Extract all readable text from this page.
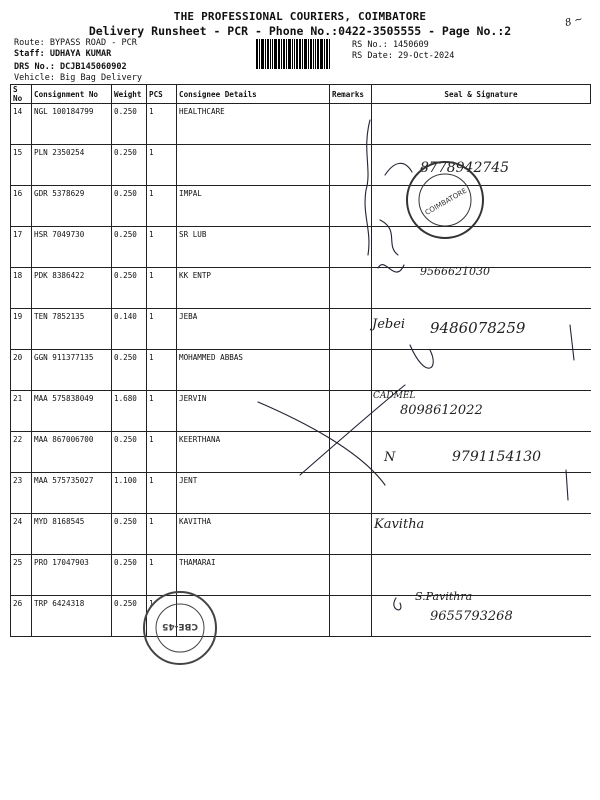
THE PROFESSIONAL COURIERS, COIMBATORE
Delivery Runsheet - PCR - Phone No.:0422-3505555 - Page No.:2
8 ~
Route: BYPASS ROAD - PCR
Staff: UDHAYA KUMAR
DRS No.: DCJB145060902
Vehicle: Big Bag Delivery
RS No.: 1450609
RS Date: 29-Oct-2024
S No	Consignment No	Weight	PCS	Consignee Details	Remarks	Seal & Signature
14	NGL 100184799	0.250	1	HEALTHCARE		
15	PLN 2350254	0.250	1			
16	GDR 5378629	0.250	1	IMPAL		
17	HSR 7049730	0.250	1	SR LUB		
18	PDK 8386422	0.250	1	KK ENTP		
19	TEN 7852135	0.140	1	JEBA		
20	GGN 911377135	0.250	1	MOHAMMED ABBAS		
21	MAA 575838049	1.680	1	JERVIN		
22	MAA 867006700	0.250	1	KEERTHANA		
23	MAA 575735027	1.100	1	JENT		
24	MYD 8168545	0.250	1	KAVITHA		
25	PRO 17047903	0.250	1	THAMARAI		
26	TRP 6424318	0.250	1			
8778942745
9566621030
Jebei 9486078259
CADMEL
8098612022
N	9791154130
Kavitha
S.Pavithra
9655793268
COIMBATORE
CBE-45
